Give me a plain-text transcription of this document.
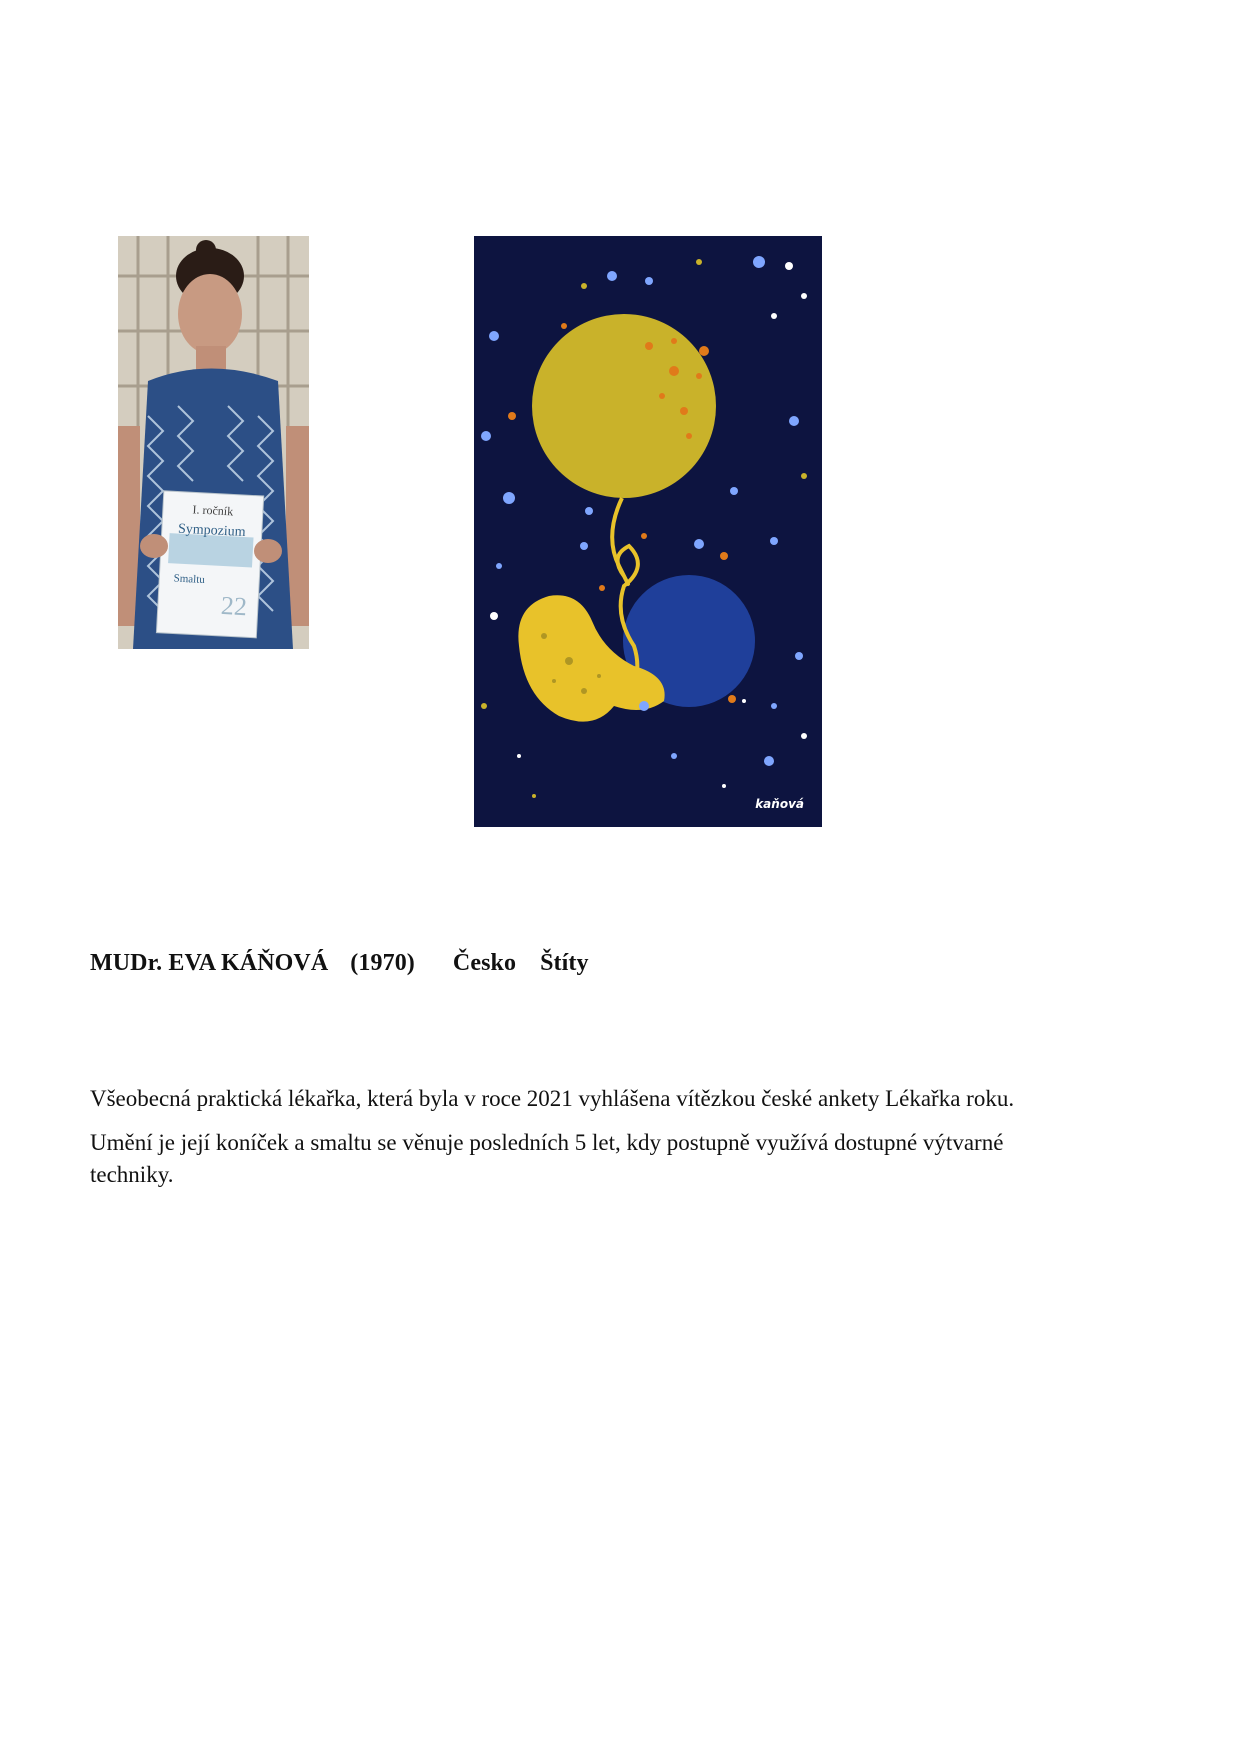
I. ročník
Sympozium
Smaltu
22
kaňová
MUDr. EVA KÁŇOVÁ (1970) Česko Štíty

Všeobecná praktická lékařka, která byla v roce 2021 vyhlášena vítězkou české ankety Lékařka roku.

Umění je její koníček a smaltu se věnuje posledních 5 let, kdy postupně využívá dostupné výtvarné techniky.
